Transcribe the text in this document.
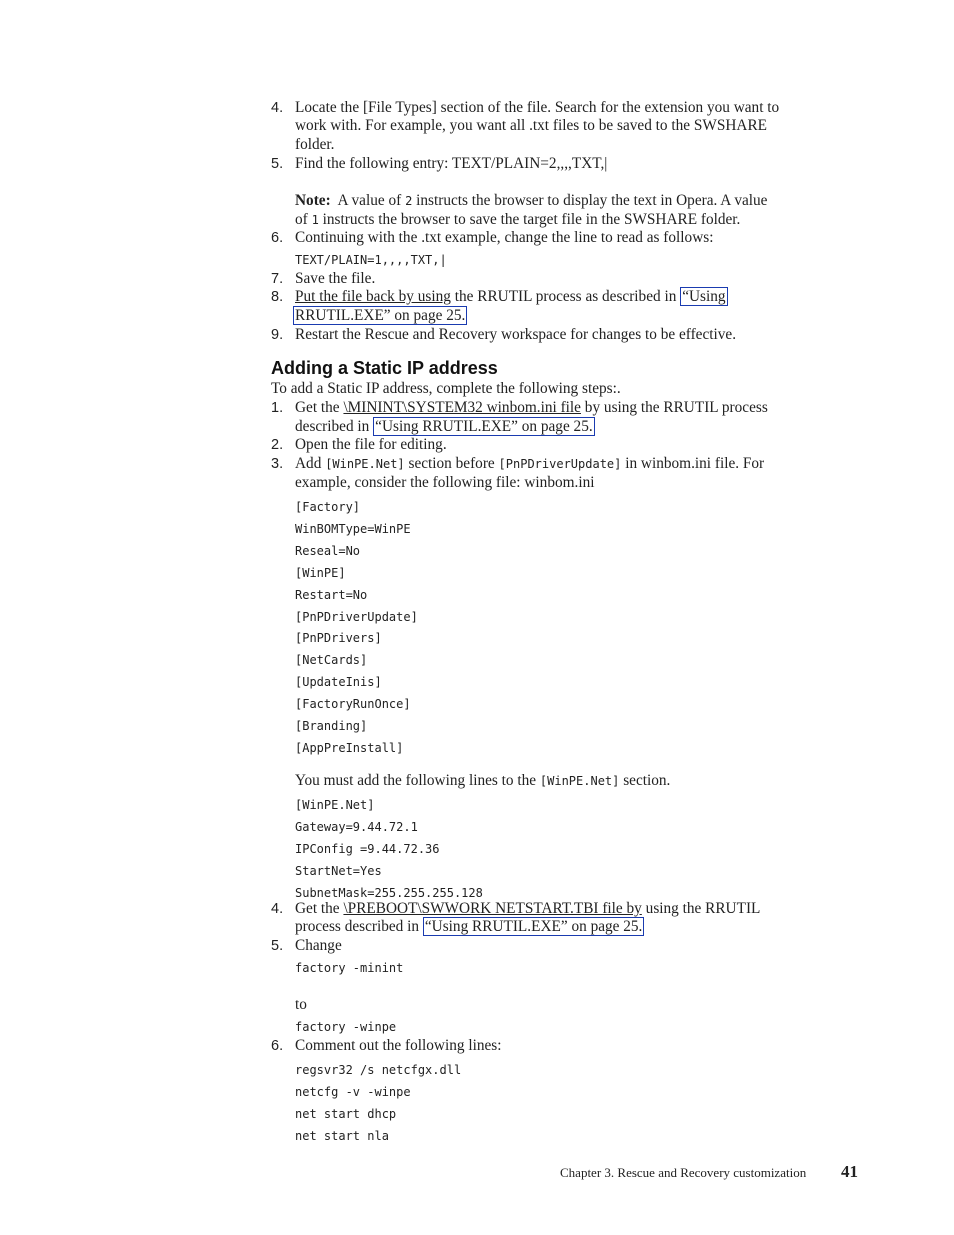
4. Locate the [File Types] section of the file. Search for the extension you want to
work with. For example, you want all .txt files to be saved to the SWSHARE
folder.
5. Find the following entry: TEXT/PLAIN=2,,,,TXT,|
Note: A value of 2 instructs the browser to display the text in Opera. A value
of 1 instructs the browser to save the target file in the SWSHARE folder.
6. Continuing with the .txt example, change the line to read as follows:
TEXT/PLAIN=1,,,,TXT,|
7. Save the file.
8. Put the file back by using the RRUTIL process as described in “Using
RRUTIL.EXE” on page 25.
9. Restart the Rescue and Recovery workspace for changes to be effective.
Adding a Static IP address
To add a Static IP address, complete the following steps:.
1. Get the \MININT\SYSTEM32 winbom.ini file by using the RRUTIL process
described in “Using RRUTIL.EXE” on page 25.
2. Open the file for editing.
3. Add [WinPE.Net] section before [PnPDriverUpdate] in winbom.ini file. For
example, consider the following file: winbom.ini
[Factory]
WinBOMType=WinPE
Reseal=No
[WinPE]
Restart=No
[PnPDriverUpdate]
[PnPDrivers]
[NetCards]
[UpdateInis]
[FactoryRunOnce]
[Branding]
[AppPreInstall]
You must add the following lines to the [WinPE.Net] section.
[WinPE.Net]
Gateway=9.44.72.1
IPConfig =9.44.72.36
StartNet=Yes
SubnetMask=255.255.255.128
4. Get the \PREBOOT\SWWORK NETSTART.TBI file by using the RRUTIL
process described in “Using RRUTIL.EXE” on page 25.
5. Change
factory -minint
to
factory -winpe
6. Comment out the following lines:
regsvr32 /s netcfgx.dll
netcfg -v -winpe
net start dhcp
net start nla
Chapter 3. Rescue and Recovery customization 41
